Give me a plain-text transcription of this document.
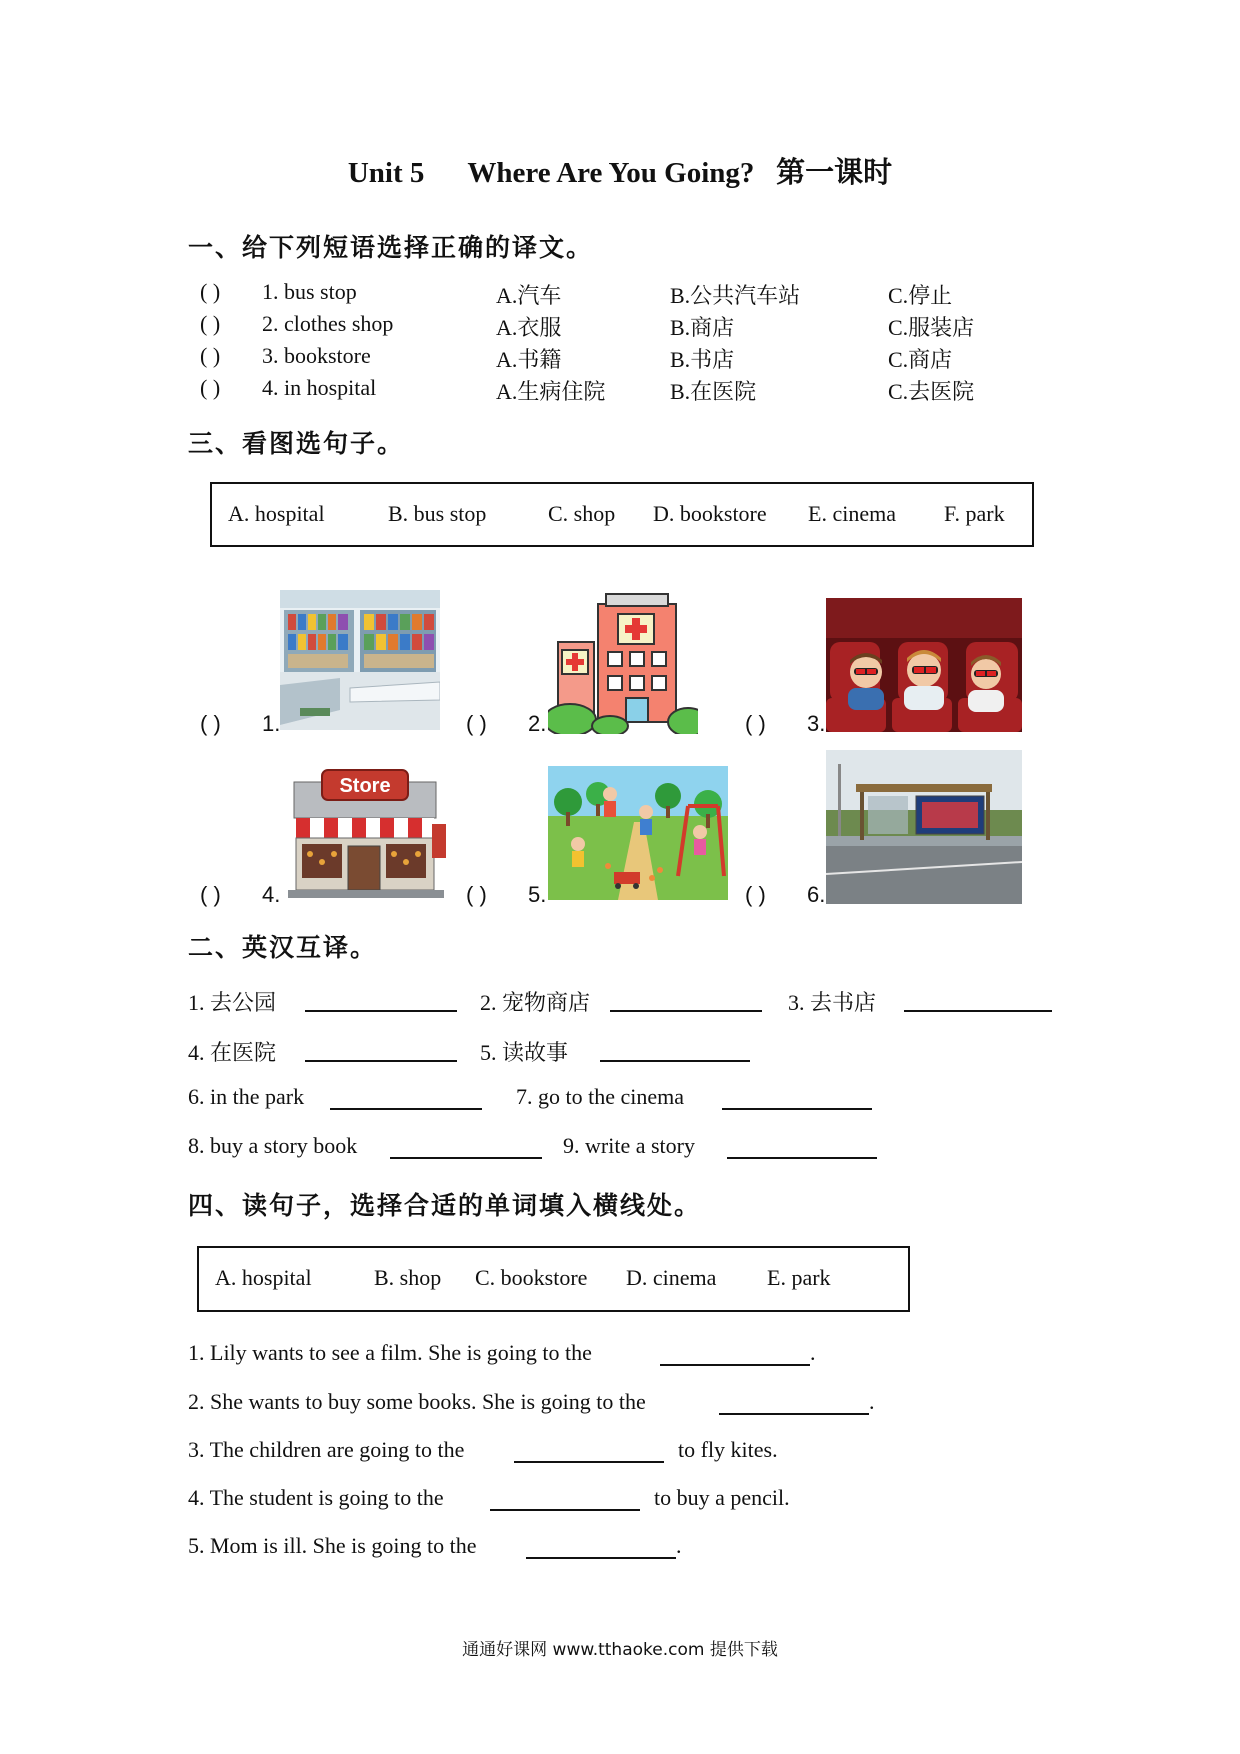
Unit 5 Where Are You Going? 第一课时
一、给下列短语选择正确的译文。
( )	1. bus stop	A.汽车	B.公共汽车站	C.停止
( )	2. clothes shop	A.衣服	B.商店	C.服装店
( )	3. bookstore	A.书籍	B.书店	C.商店
( )	4. in hospital	A.生病住院	B.在医院	C.去医院
三、看图选句子。
A. hospital	B. bus stop	C. shop D. bookstore E. cinema F. park
( ) 1.	( ) 2.	( ) 3.
( ) 4.	( ) 5.	( ) 6.
Store
二、英汉互译。
1. 去公园	2. 宠物商店	3. 去书店
4. 在医院	5. 读故事
6. in the park	7. go to the cinema
8. buy a story book	9. write a story
四、读句子，选择合适的单词填入横线处。
A. hospital	B. shop C. bookstore D. cinema E. park
1. Lily wants to see a film. She is going to the	.
2. She wants to buy some books. She is going to the	.
3. The children are going to the	to fly kites.
4. The student is going to the	to buy a pencil.
5. Mom is ill. She is going to the	.
通通好课网 www.tthaoke.com 提供下载
